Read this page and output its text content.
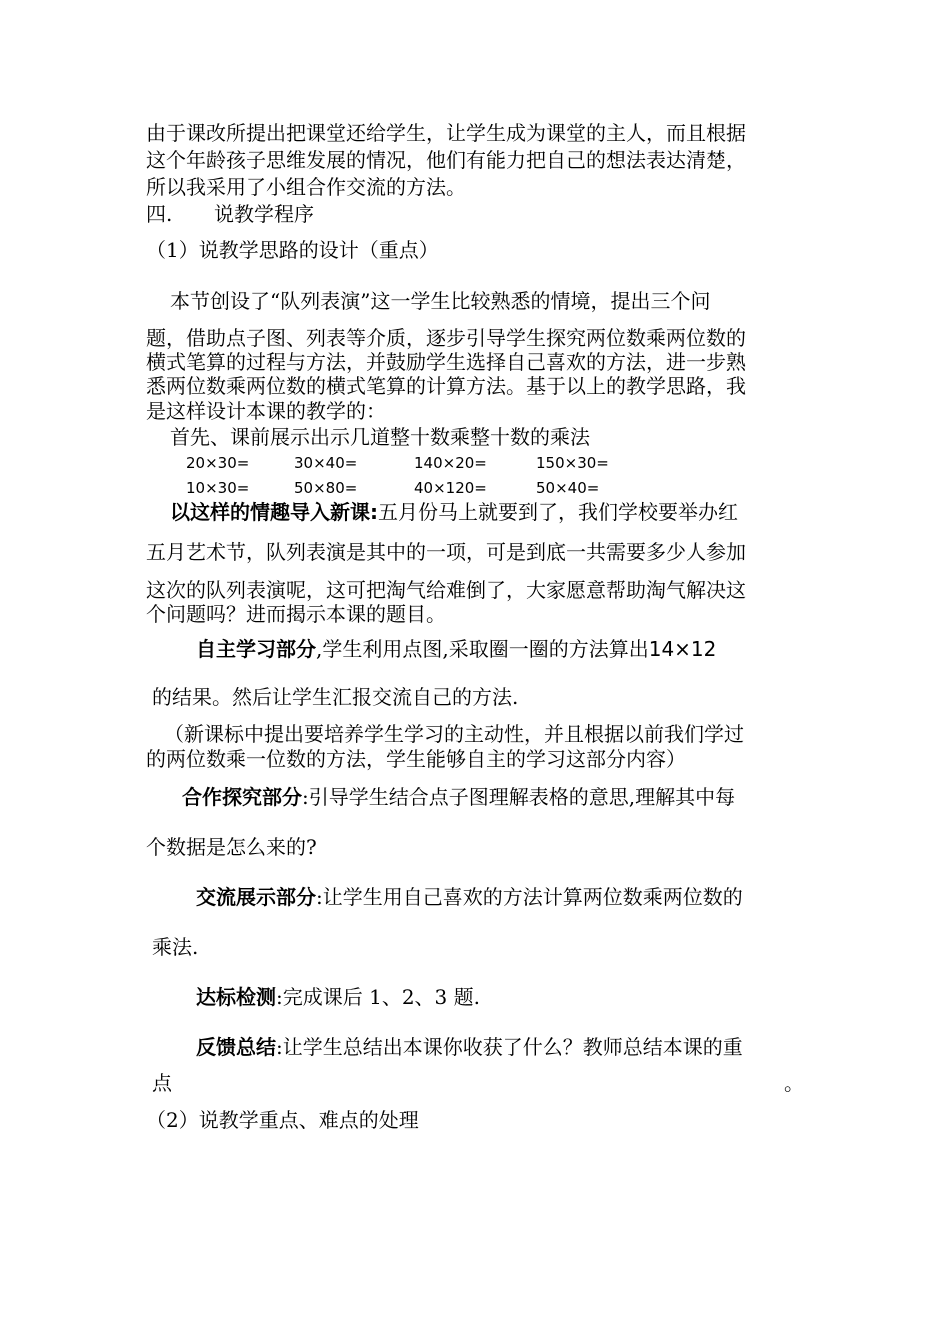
由于课改所提出把课堂还给学生，让学生成为课堂的主人，而且根据

这个年龄孩子思维发展的情况，他们有能力把自己的想法表达清楚，

所以我采用了小组合作交流的方法。

四. 说教学程序

（1）说教学思路的设计（重点）

本节创设了“队列表演”这一学生比较熟悉的情境，提出三个问

题，借助点子图、列表等介质，逐步引导学生探究两位数乘两位数的

横式笔算的过程与方法，并鼓励学生选择自己喜欢的方法，进一步熟

悉两位数乘两位数的横式笔算的计算方法。基于以上的教学思路，我

是这样设计本课的教学的：

首先、课前展示出示几道整十数乘整十数的乘法

20×30=	30×40=	140×20=	150×30=

10×30=	50×80=	40×120=	50×40=

以这样的情趣导入新课:五月份马上就要到了，我们学校要举办红

五月艺术节，队列表演是其中的一项，可是到底一共需要多少人参加

这次的队列表演呢，这可把淘气给难倒了，大家愿意帮助淘气解决这

个问题吗？进而揭示本课的题目。

自主学习部分,学生利用点图,采取圈一圈的方法算出14×12

的结果。然后让学生汇报交流自己的方法.

（新课标中提出要培养学生学习的主动性，并且根据以前我们学过

的两位数乘一位数的方法，学生能够自主的学习这部分内容）

合作探究部分:引导学生结合点子图理解表格的意思,理解其中每

个数据是怎么来的?

交流展示部分:让学生用自己喜欢的方法计算两位数乘两位数的

乘法.

达标检测:完成课后 1、2、3 题.

反馈总结:让学生总结出本课你收获了什么？教师总结本课的重

点	。

（2）说教学重点、难点的处理
